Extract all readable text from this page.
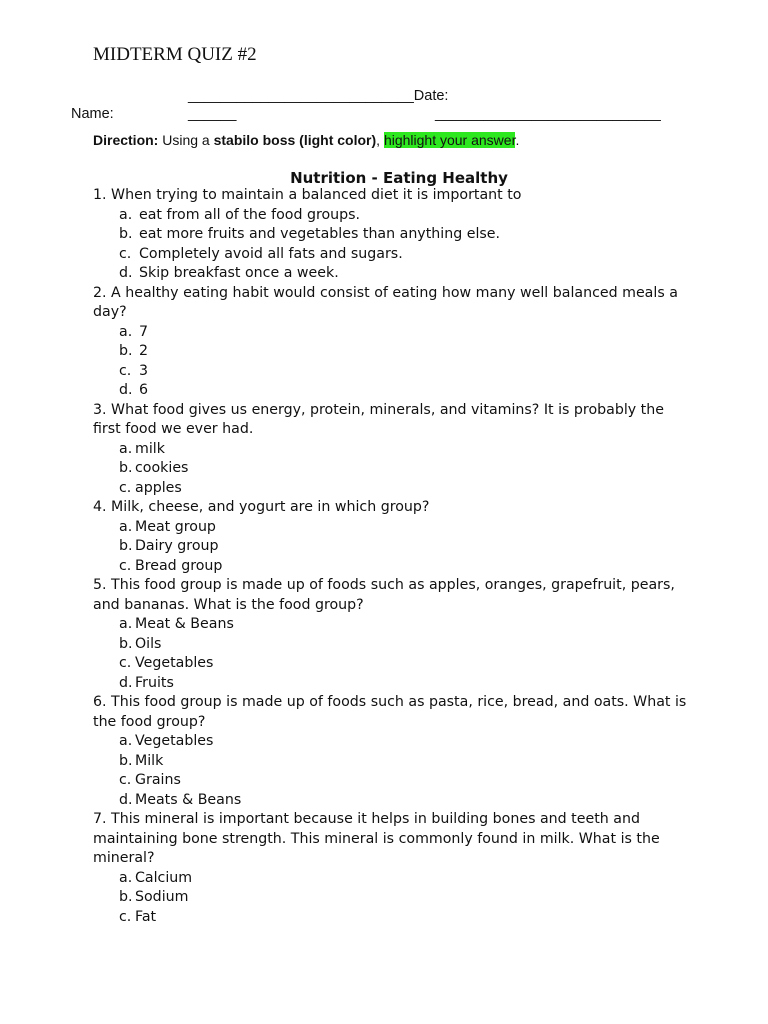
MIDTERM QUIZ #2
____________________________Date:
Name:	______	____________________________
Direction: Using a stabilo boss (light color), highlight your answer.
Nutrition - Eating Healthy

1. When trying to maintain a balanced diet it is important to

a. eat from all of the food groups.
b. eat more fruits and vegetables than anything else.
c. Completely avoid all fats and sugars.
d. Skip breakfast once a week.

2. A healthy eating habit would consist of eating how many well balanced meals a day?

a. 7
b. 2
c. 3
d. 6

3. What food gives us energy, protein, minerals, and vitamins? It is probably the first food we ever had.

a. milk
b. cookies
c. apples

4. Milk, cheese, and yogurt are in which group?

a. Meat group
b. Dairy group
c. Bread group

5. This food group is made up of foods such as apples, oranges, grapefruit, pears, and bananas. What is the food group?

a. Meat & Beans
b. Oils
c. Vegetables
d. Fruits

6. This food group is made up of foods such as pasta, rice, bread, and oats. What is the food group?

a. Vegetables
b. Milk
c. Grains
d. Meats & Beans

7. This mineral is important because it helps in building bones and teeth and maintaining bone strength. This mineral is commonly found in milk. What is the mineral?

a. Calcium
b. Sodium
c. Fat
